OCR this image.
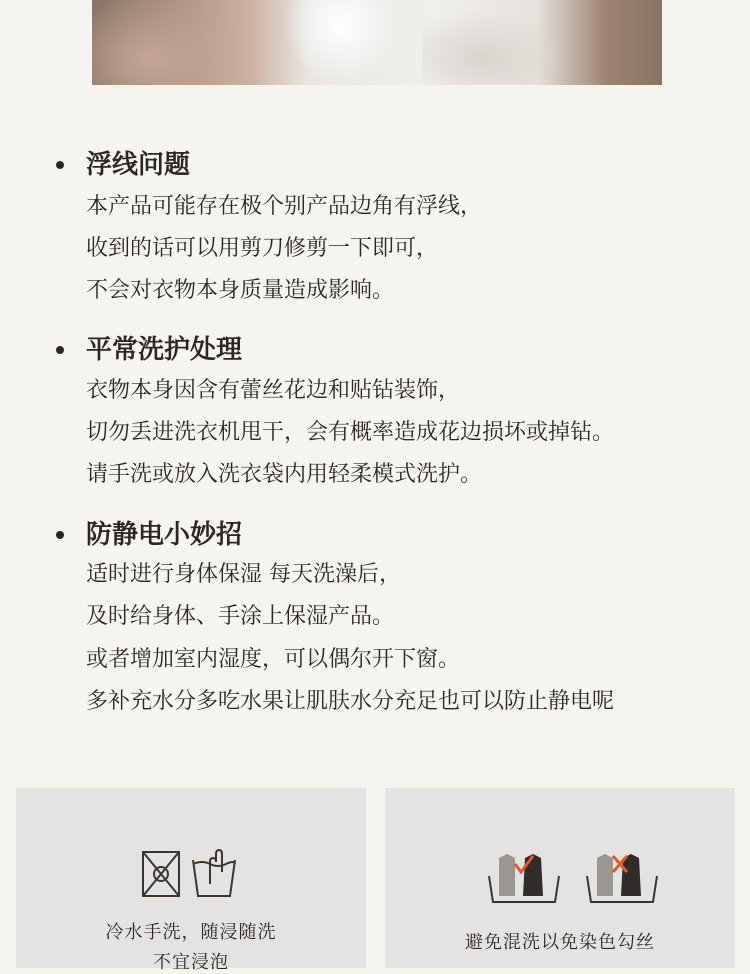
浮线问题
本产品可能存在极个别产品边角有浮线，
收到的话可以用剪刀修剪一下即可，
不会对衣物本身质量造成影响。
平常洗护处理
衣物本身因含有蕾丝花边和贴钻装饰，
切勿丢进洗衣机甩干，会有概率造成花边损坏或掉钻。
请手洗或放入洗衣袋内用轻柔模式洗护。
防静电小妙招
适时进行身体保湿 每天洗澡后，
及时给身体、手涂上保湿产品。
或者增加室内湿度，可以偶尔开下窗。
多补充水分多吃水果让肌肤水分充足也可以防止静电呢
冷水手洗，随浸随洗
不宜浸泡
避免混洗以免染色勾丝
